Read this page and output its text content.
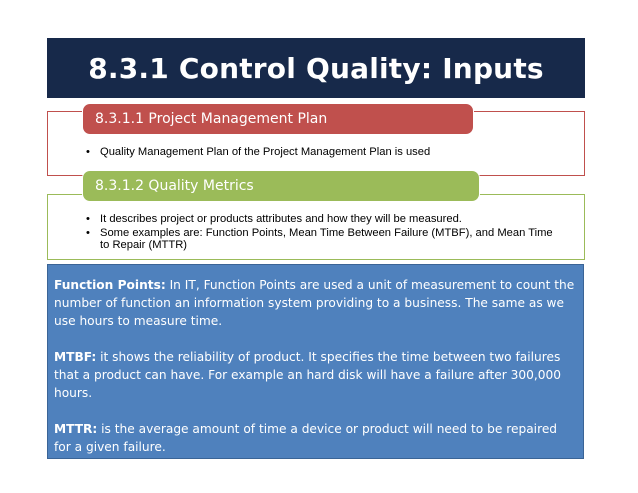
8.3.1 Control Quality: Inputs
8.3.1.1 Project Management Plan
• Quality Management Plan of the Project Management Plan is used
8.3.1.2 Quality Metrics
• It describes project or products attributes and how they will be measured.
• Some examples are: Function Points, Mean Time Between Failure (MTBF), and Mean Time to Repair (MTTR)

Function Points: In IT, Function Points are used a unit of measurement to count the number of function an information system providing to a business. The same as we use hours to measure time.

MTBF: it shows the reliability of product. It specifies the time between two failures that a product can have. For example an hard disk will have a failure after 300,000 hours.

MTTR: is the average amount of time a device or product will need to be repaired for a given failure.
